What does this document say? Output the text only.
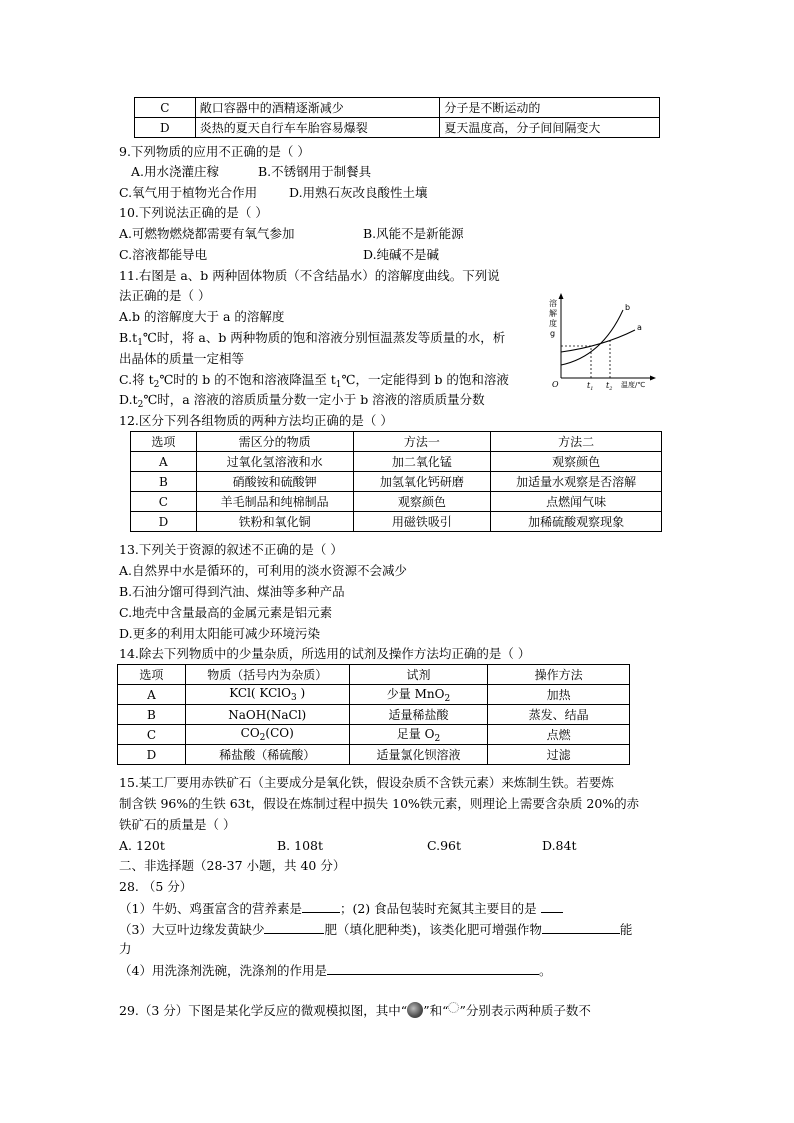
C	敞口容器中的酒精逐渐减少	分子是不断运动的
D	炎热的夏天自行车车胎容易爆裂	夏天温度高，分子间间隔变大
9.下列物质的应用不正确的是（ ）
A.用水浇灌庄稼	B.不锈钢用于制餐具
C.氧气用于植物光合作用	D.用熟石灰改良酸性土壤
10.下列说法正确的是（ ）
A.可燃物燃烧都需要有氧气参加	B.风能不是新能源
C.溶液都能导电	D.纯碱不是碱
11.右图是 a、b 两种固体物质（不含结晶水）的溶解度曲线。下列说
法正确的是（ ）
A.b 的溶解度大于 a 的溶解度
$B.t_1℃$时，将 a、b 两种物质的饱和溶液分别恒温蒸发等质量的水，析
出晶体的质量一定相等
C.将 $t_2℃$时的 b 的不饱和溶液降温至 $t_1℃$，一定能得到 b 的饱和溶液
$D.t_2℃$时，a 溶液的溶质质量分数一定小于 b 溶液的溶质质量分数
溶
解
度
g
O	$t_1$ $t_2$ 温度/℃
b
a
12.区分下列各组物质的两种方法均正确的是（ ）
选项	需区分的物质	方法一	方法二
A	过氧化氢溶液和水	加二氧化锰	观察颜色
B	硝酸铵和硫酸钾	加氢氧化钙研磨	加适量水观察是否溶解
C	羊毛制品和纯棉制品	观察颜色	点燃闻气味
D	铁粉和氧化铜	用磁铁吸引	加稀硫酸观察现象
13.下列关于资源的叙述不正确的是（ ）
A.自然界中水是循环的，可利用的淡水资源不会减少
B.石油分馏可得到汽油、煤油等多种产品
C.地壳中含量最高的金属元素是铝元素
D.更多的利用太阳能可减少环境污染
14.除去下列物质中的少量杂质，所选用的试剂及操作方法均正确的是（ ）
选项	物质（括号内为杂质）	试剂	操作方法
A	KCl( KClO$_3$ )	少量 MnO$_2$	加热
B	NaOH(NaCl)	适量稀盐酸	蒸发、结晶
C	$CO_2(CO)$	足量 $O_2$	点燃
D	稀盐酸（稀硫酸）	适量氯化钡溶液	过滤
15.某工厂要用赤铁矿石（主要成分是氧化铁，假设杂质不含铁元素）来炼制生铁。若要炼
制含铁 96%的生铁 63t，假设在炼制过程中损失 10%铁元素，则理论上需要含杂质 20%的赤
铁矿石的质量是（ ）
A. 120t	B. 108t	C.96t	D.84t
二、非选择题（28-37 小题，共 40 分）
28. （5 分）
（1）牛奶、鸡蛋富含的营养素是	；(2) 食品包装时充氮其主要目的是
（3）大豆叶边缘发黄缺少	肥（填化肥种类)，该类化肥可增强作物	能
力
（4）用洗涤剂洗碗，洗涤剂的作用是	。
29.（3 分）下图是某化学反应的微观模拟图，其中“ ”和“ ”分别表示两种质子数不
